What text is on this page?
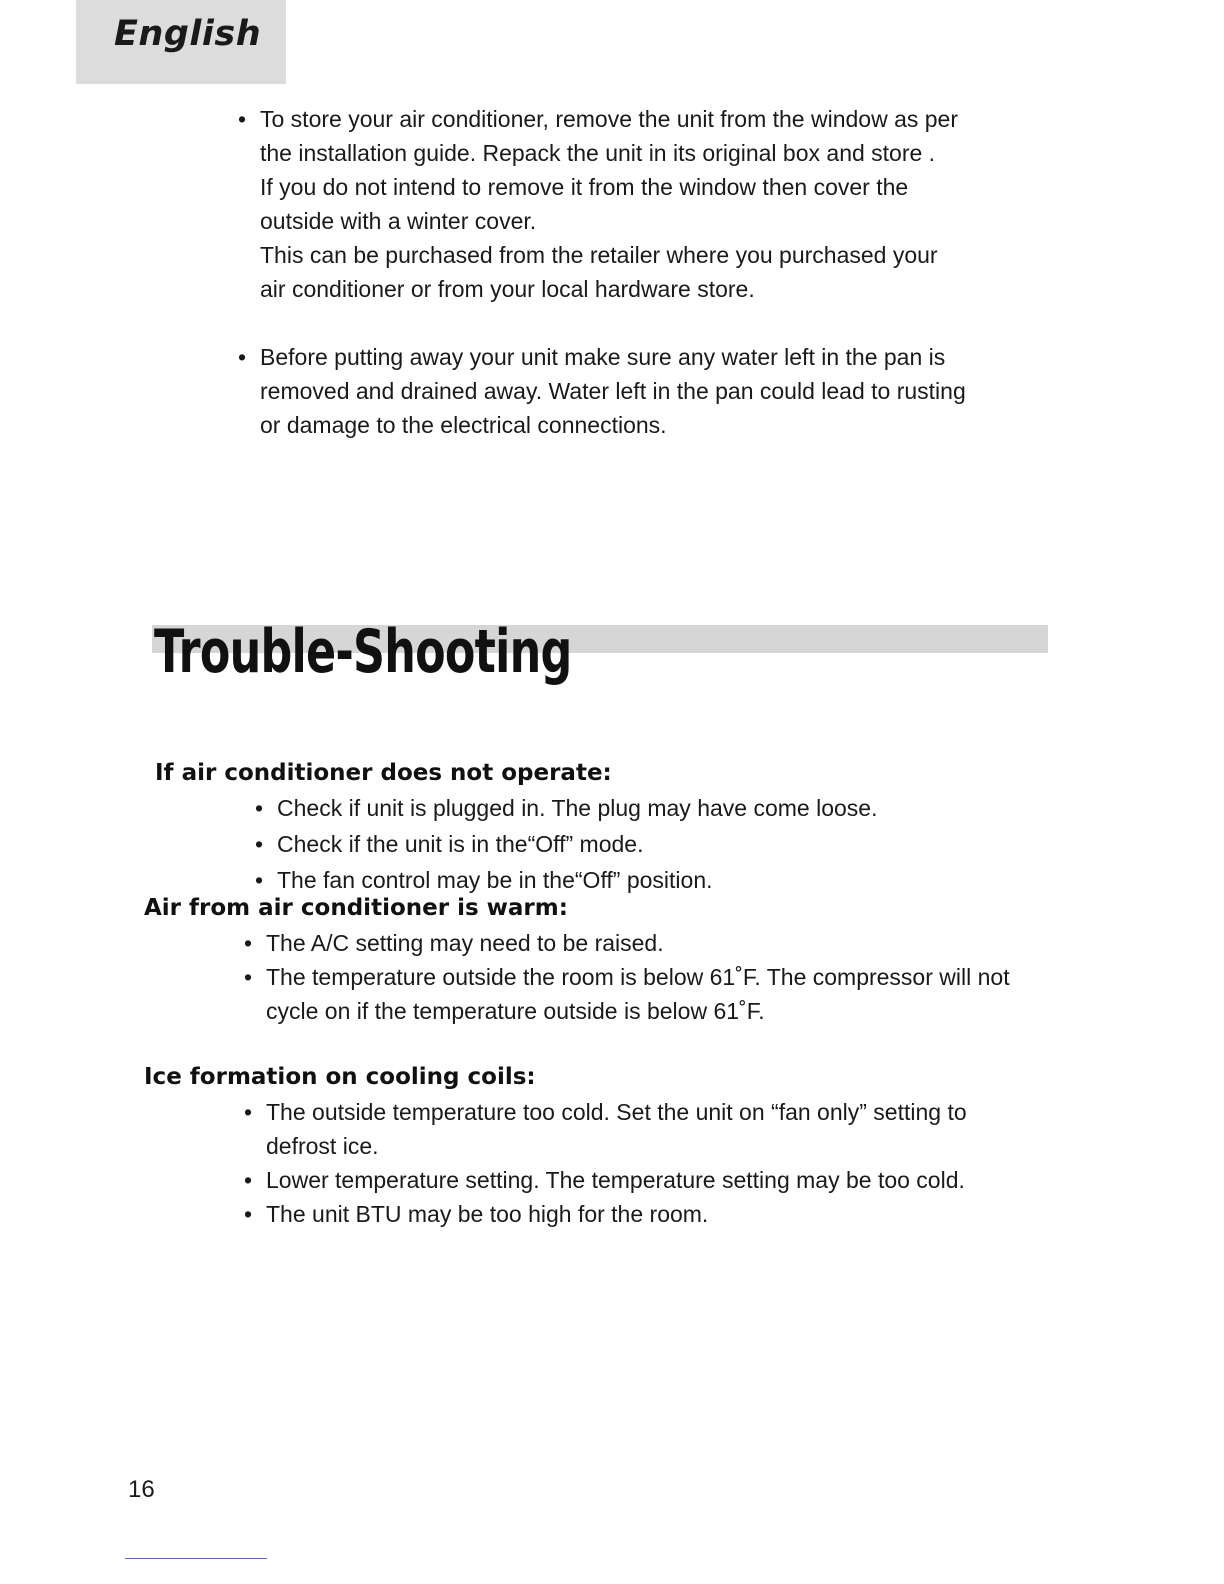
English

• To store your air conditioner, remove the unit from the window as per
the installation guide. Repack the unit in its original box and store .
If you do not intend to remove it from the window then cover the
outside with a winter cover.
This can be purchased from the retailer where you purchased your
air conditioner or from your local hardware store.

• Before putting away your unit make sure any water left in the pan is
removed and drained away. Water left in the pan could lead to rusting
or damage to the electrical connections.

Trouble-Shooting
If air conditioner does not operate:
• Check if unit is plugged in. The plug may have come loose.
• Check if the unit is in the“Off” mode.
• The fan control may be in the“Off” position.
Air from air conditioner is warm:
• The A/C setting may need to be raised.
• The temperature outside the room is below 61˚F. The compressor will not cycle on if the temperature outside is below 61˚F.
Ice formation on cooling coils:
• The outside temperature too cold. Set the unit on “fan only” setting to defrost ice.
• Lower temperature setting. The temperature setting may be too cold.
• The unit BTU may be too high for the room.
16
